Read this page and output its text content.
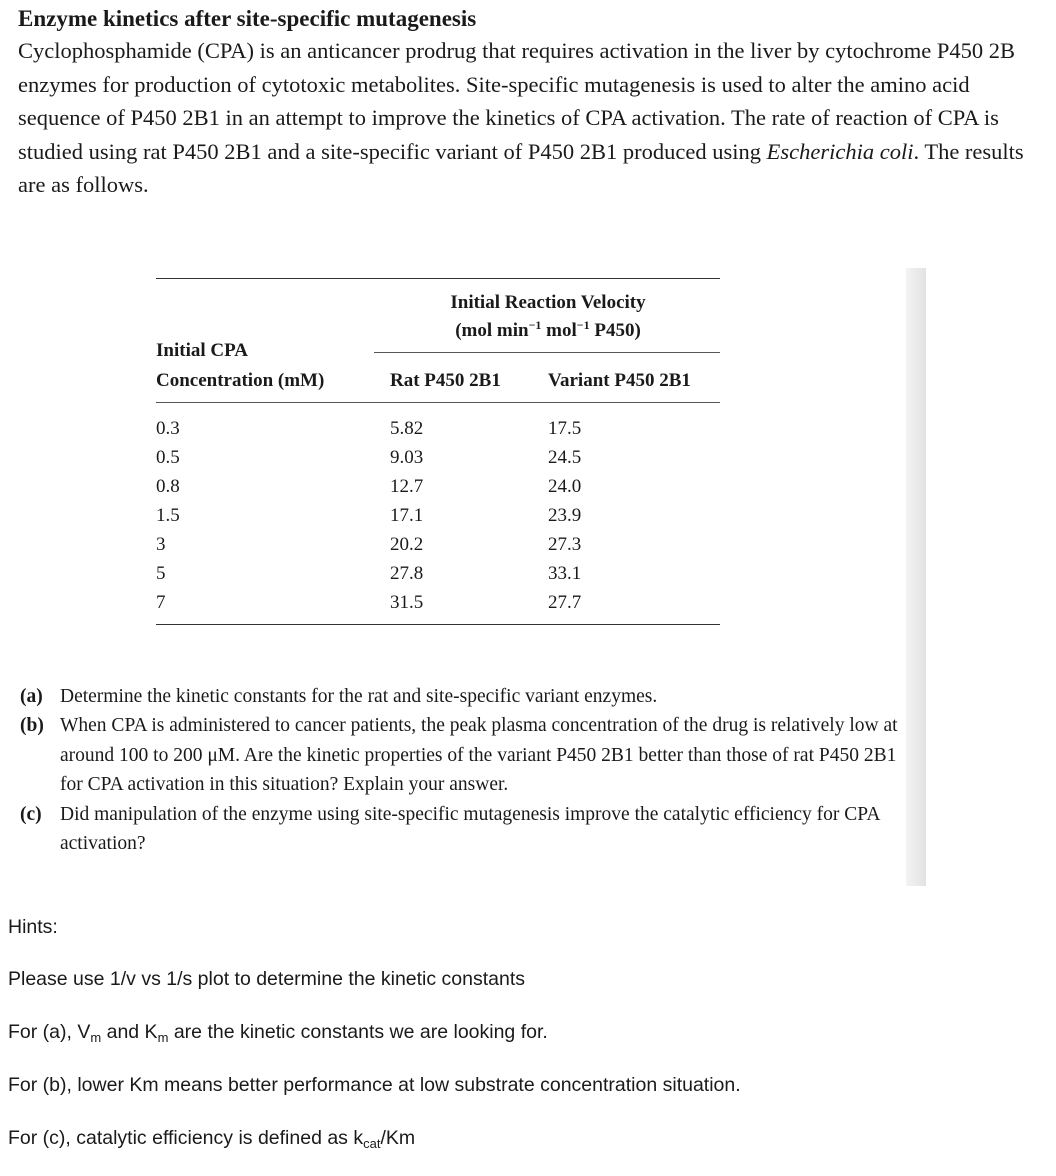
Enzyme kinetics after site-specific mutagenesis

Cyclophosphamide (CPA) is an anticancer prodrug that requires activation in the liver by cytochrome P450 2B enzymes for production of cytotoxic metabolites. Site-specific mutagenesis is used to alter the amino acid sequence of P450 2B1 in an attempt to improve the kinetics of CPA activation. The rate of reaction of CPA is studied using rat P450 2B1 and a site-specific variant of P450 2B1 produced using Escherichia coli. The results are as follows.

Initial Reaction Velocity
(mol $\min^{-1} mol^{-1}$ P450)
Initial CPA
Concentration (mM)	Rat P450 2B1 Variant P450 2B1
0.3	5.82	17.5
0.5	9.03	24.5
0.8	12.7	24.0
1.5	17.1	23.9
3	20.2	27.3
5	27.8	33.1
7	31.5	27.7
(a) Determine the kinetic constants for the rat and site-specific variant enzymes.
(b) When CPA is administered to cancer patients, the peak plasma concentration of the drug is relatively low at around 100 to 200 μM. Are the kinetic properties of the variant P450 2B1 better than those of rat P450 2B1 for CPA activation in this situation? Explain your answer.
(c) Did manipulation of the enzyme using site-specific mutagenesis improve the catalytic efficiency for CPA activation?
Hints:
Please use 1/v vs 1/s plot to determine the kinetic constants
For (a), $V_m$ and $K_m$ are the kinetic constants we are looking for.
For (b), lower Km means better performance at low substrate concentration situation.
For (c), catalytic efficiency is defined as $k_{cat}/Km$
